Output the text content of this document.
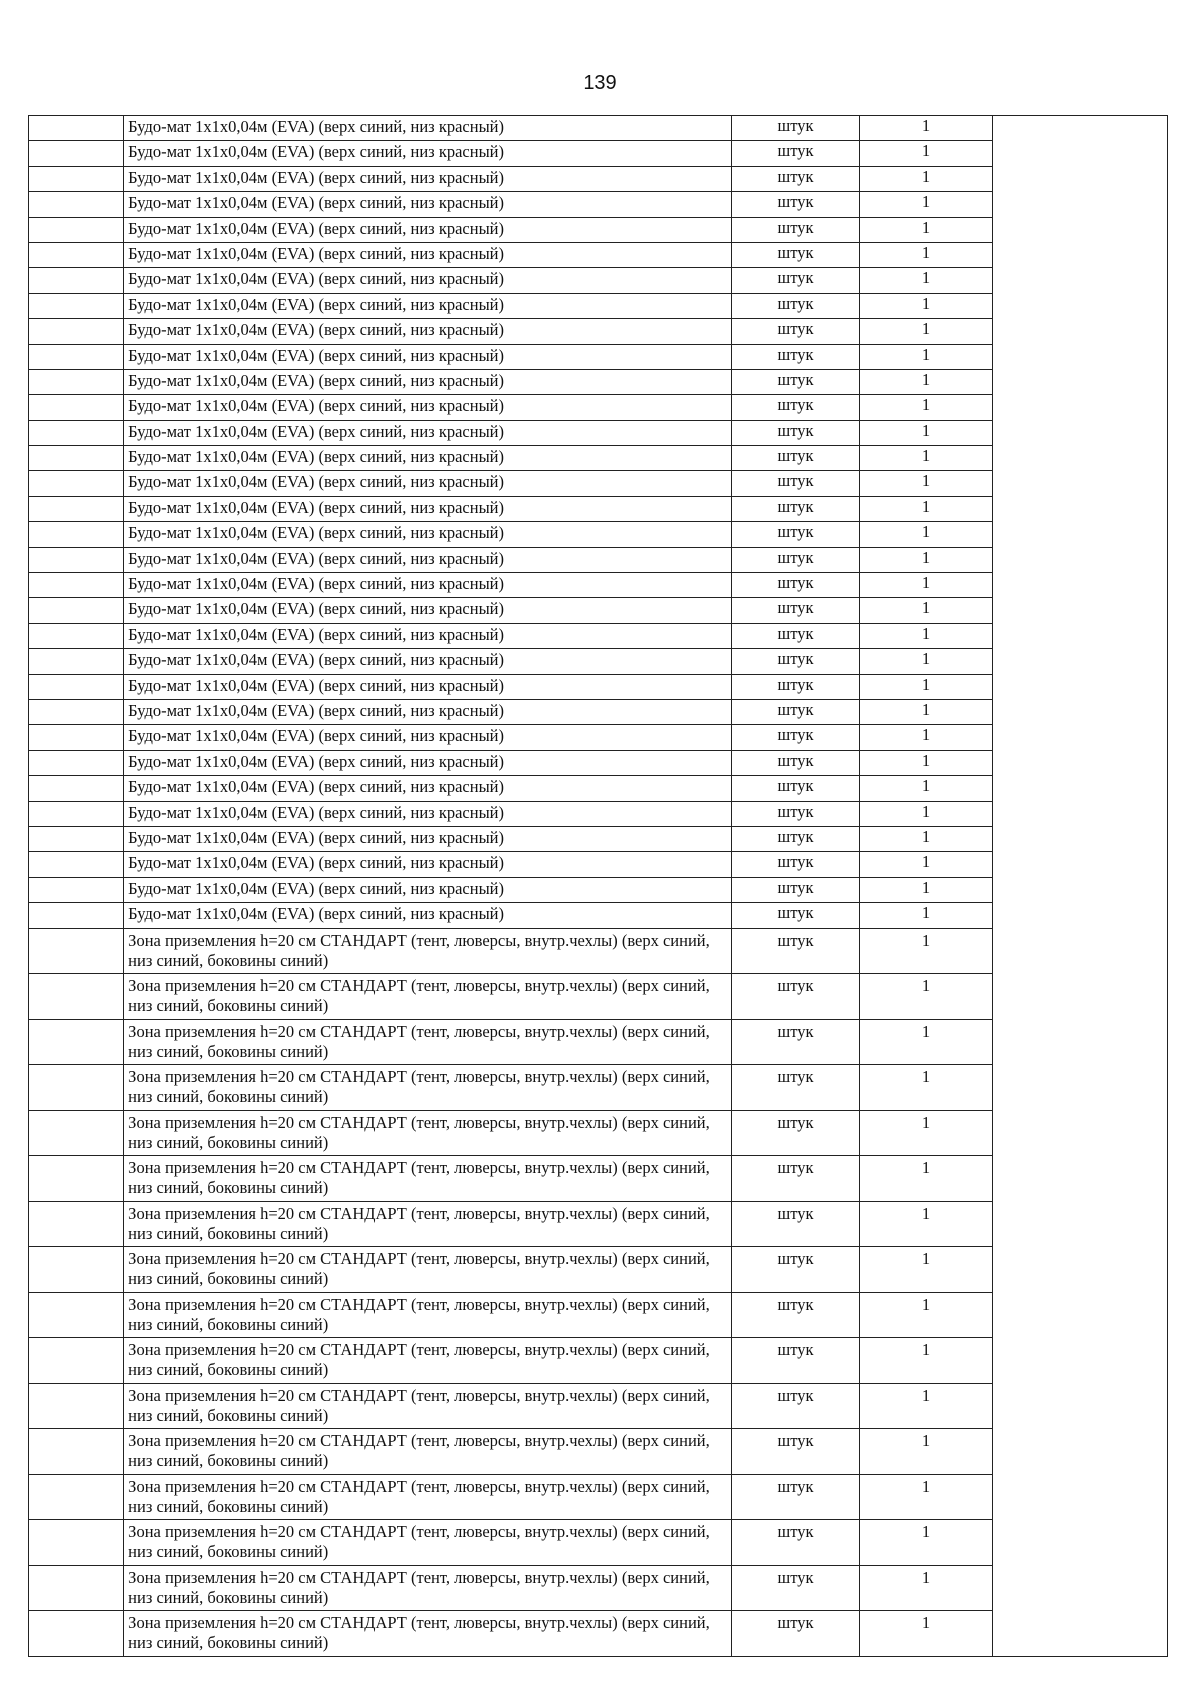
139
	Будо-мат 1х1х0,04м (EVA) (верх синий, низ красный)	штук	1	
	Будо-мат 1х1х0,04м (EVA) (верх синий, низ красный)	штук	1	
	Будо-мат 1х1х0,04м (EVA) (верх синий, низ красный)	штук	1	
	Будо-мат 1х1х0,04м (EVA) (верх синий, низ красный)	штук	1	
	Будо-мат 1х1х0,04м (EVA) (верх синий, низ красный)	штук	1	
	Будо-мат 1х1х0,04м (EVA) (верх синий, низ красный)	штук	1	
	Будо-мат 1х1х0,04м (EVA) (верх синий, низ красный)	штук	1	
	Будо-мат 1х1х0,04м (EVA) (верх синий, низ красный)	штук	1	
	Будо-мат 1х1х0,04м (EVA) (верх синий, низ красный)	штук	1	
	Будо-мат 1х1х0,04м (EVA) (верх синий, низ красный)	штук	1	
	Будо-мат 1х1х0,04м (EVA) (верх синий, низ красный)	штук	1	
	Будо-мат 1х1х0,04м (EVA) (верх синий, низ красный)	штук	1	
	Будо-мат 1х1х0,04м (EVA) (верх синий, низ красный)	штук	1	
	Будо-мат 1х1х0,04м (EVA) (верх синий, низ красный)	штук	1	
	Будо-мат 1х1х0,04м (EVA) (верх синий, низ красный)	штук	1	
	Будо-мат 1х1х0,04м (EVA) (верх синий, низ красный)	штук	1	
	Будо-мат 1х1х0,04м (EVA) (верх синий, низ красный)	штук	1	
	Будо-мат 1х1х0,04м (EVA) (верх синий, низ красный)	штук	1	
	Будо-мат 1х1х0,04м (EVA) (верх синий, низ красный)	штук	1	
	Будо-мат 1х1х0,04м (EVA) (верх синий, низ красный)	штук	1	
	Будо-мат 1х1х0,04м (EVA) (верх синий, низ красный)	штук	1	
	Будо-мат 1х1х0,04м (EVA) (верх синий, низ красный)	штук	1	
	Будо-мат 1х1х0,04м (EVA) (верх синий, низ красный)	штук	1	
	Будо-мат 1х1х0,04м (EVA) (верх синий, низ красный)	штук	1	
	Будо-мат 1х1х0,04м (EVA) (верх синий, низ красный)	штук	1	
	Будо-мат 1х1х0,04м (EVA) (верх синий, низ красный)	штук	1	
	Будо-мат 1х1х0,04м (EVA) (верх синий, низ красный)	штук	1	
	Будо-мат 1х1х0,04м (EVA) (верх синий, низ красный)	штук	1	
	Будо-мат 1х1х0,04м (EVA) (верх синий, низ красный)	штук	1	
	Будо-мат 1х1х0,04м (EVA) (верх синий, низ красный)	штук	1	
	Будо-мат 1х1х0,04м (EVA) (верх синий, низ красный)	штук	1	
	Будо-мат 1х1х0,04м (EVA) (верх синий, низ красный)	штук	1	
	Зона приземления h=20 см СТАНДАРТ (тент, люверсы, внутр.чехлы) (верх синий, низ синий, боковины синий)	штук	1	
	Зона приземления h=20 см СТАНДАРТ (тент, люверсы, внутр.чехлы) (верх синий, низ синий, боковины синий)	штук	1	
	Зона приземления h=20 см СТАНДАРТ (тент, люверсы, внутр.чехлы) (верх синий, низ синий, боковины синий)	штук	1	
	Зона приземления h=20 см СТАНДАРТ (тент, люверсы, внутр.чехлы) (верх синий, низ синий, боковины синий)	штук	1	
	Зона приземления h=20 см СТАНДАРТ (тент, люверсы, внутр.чехлы) (верх синий, низ синий, боковины синий)	штук	1	
	Зона приземления h=20 см СТАНДАРТ (тент, люверсы, внутр.чехлы) (верх синий, низ синий, боковины синий)	штук	1	
	Зона приземления h=20 см СТАНДАРТ (тент, люверсы, внутр.чехлы) (верх синий, низ синий, боковины синий)	штук	1	
	Зона приземления h=20 см СТАНДАРТ (тент, люверсы, внутр.чехлы) (верх синий, низ синий, боковины синий)	штук	1	
	Зона приземления h=20 см СТАНДАРТ (тент, люверсы, внутр.чехлы) (верх синий, низ синий, боковины синий)	штук	1	
	Зона приземления h=20 см СТАНДАРТ (тент, люверсы, внутр.чехлы) (верх синий, низ синий, боковины синий)	штук	1	
	Зона приземления h=20 см СТАНДАРТ (тент, люверсы, внутр.чехлы) (верх синий, низ синий, боковины синий)	штук	1	
	Зона приземления h=20 см СТАНДАРТ (тент, люверсы, внутр.чехлы) (верх синий, низ синий, боковины синий)	штук	1	
	Зона приземления h=20 см СТАНДАРТ (тент, люверсы, внутр.чехлы) (верх синий, низ синий, боковины синий)	штук	1	
	Зона приземления h=20 см СТАНДАРТ (тент, люверсы, внутр.чехлы) (верх синий, низ синий, боковины синий)	штук	1	
	Зона приземления h=20 см СТАНДАРТ (тент, люверсы, внутр.чехлы) (верх синий, низ синий, боковины синий)	штук	1	
	Зона приземления h=20 см СТАНДАРТ (тент, люверсы, внутр.чехлы) (верх синий, низ синий, боковины синий)	штук	1	
